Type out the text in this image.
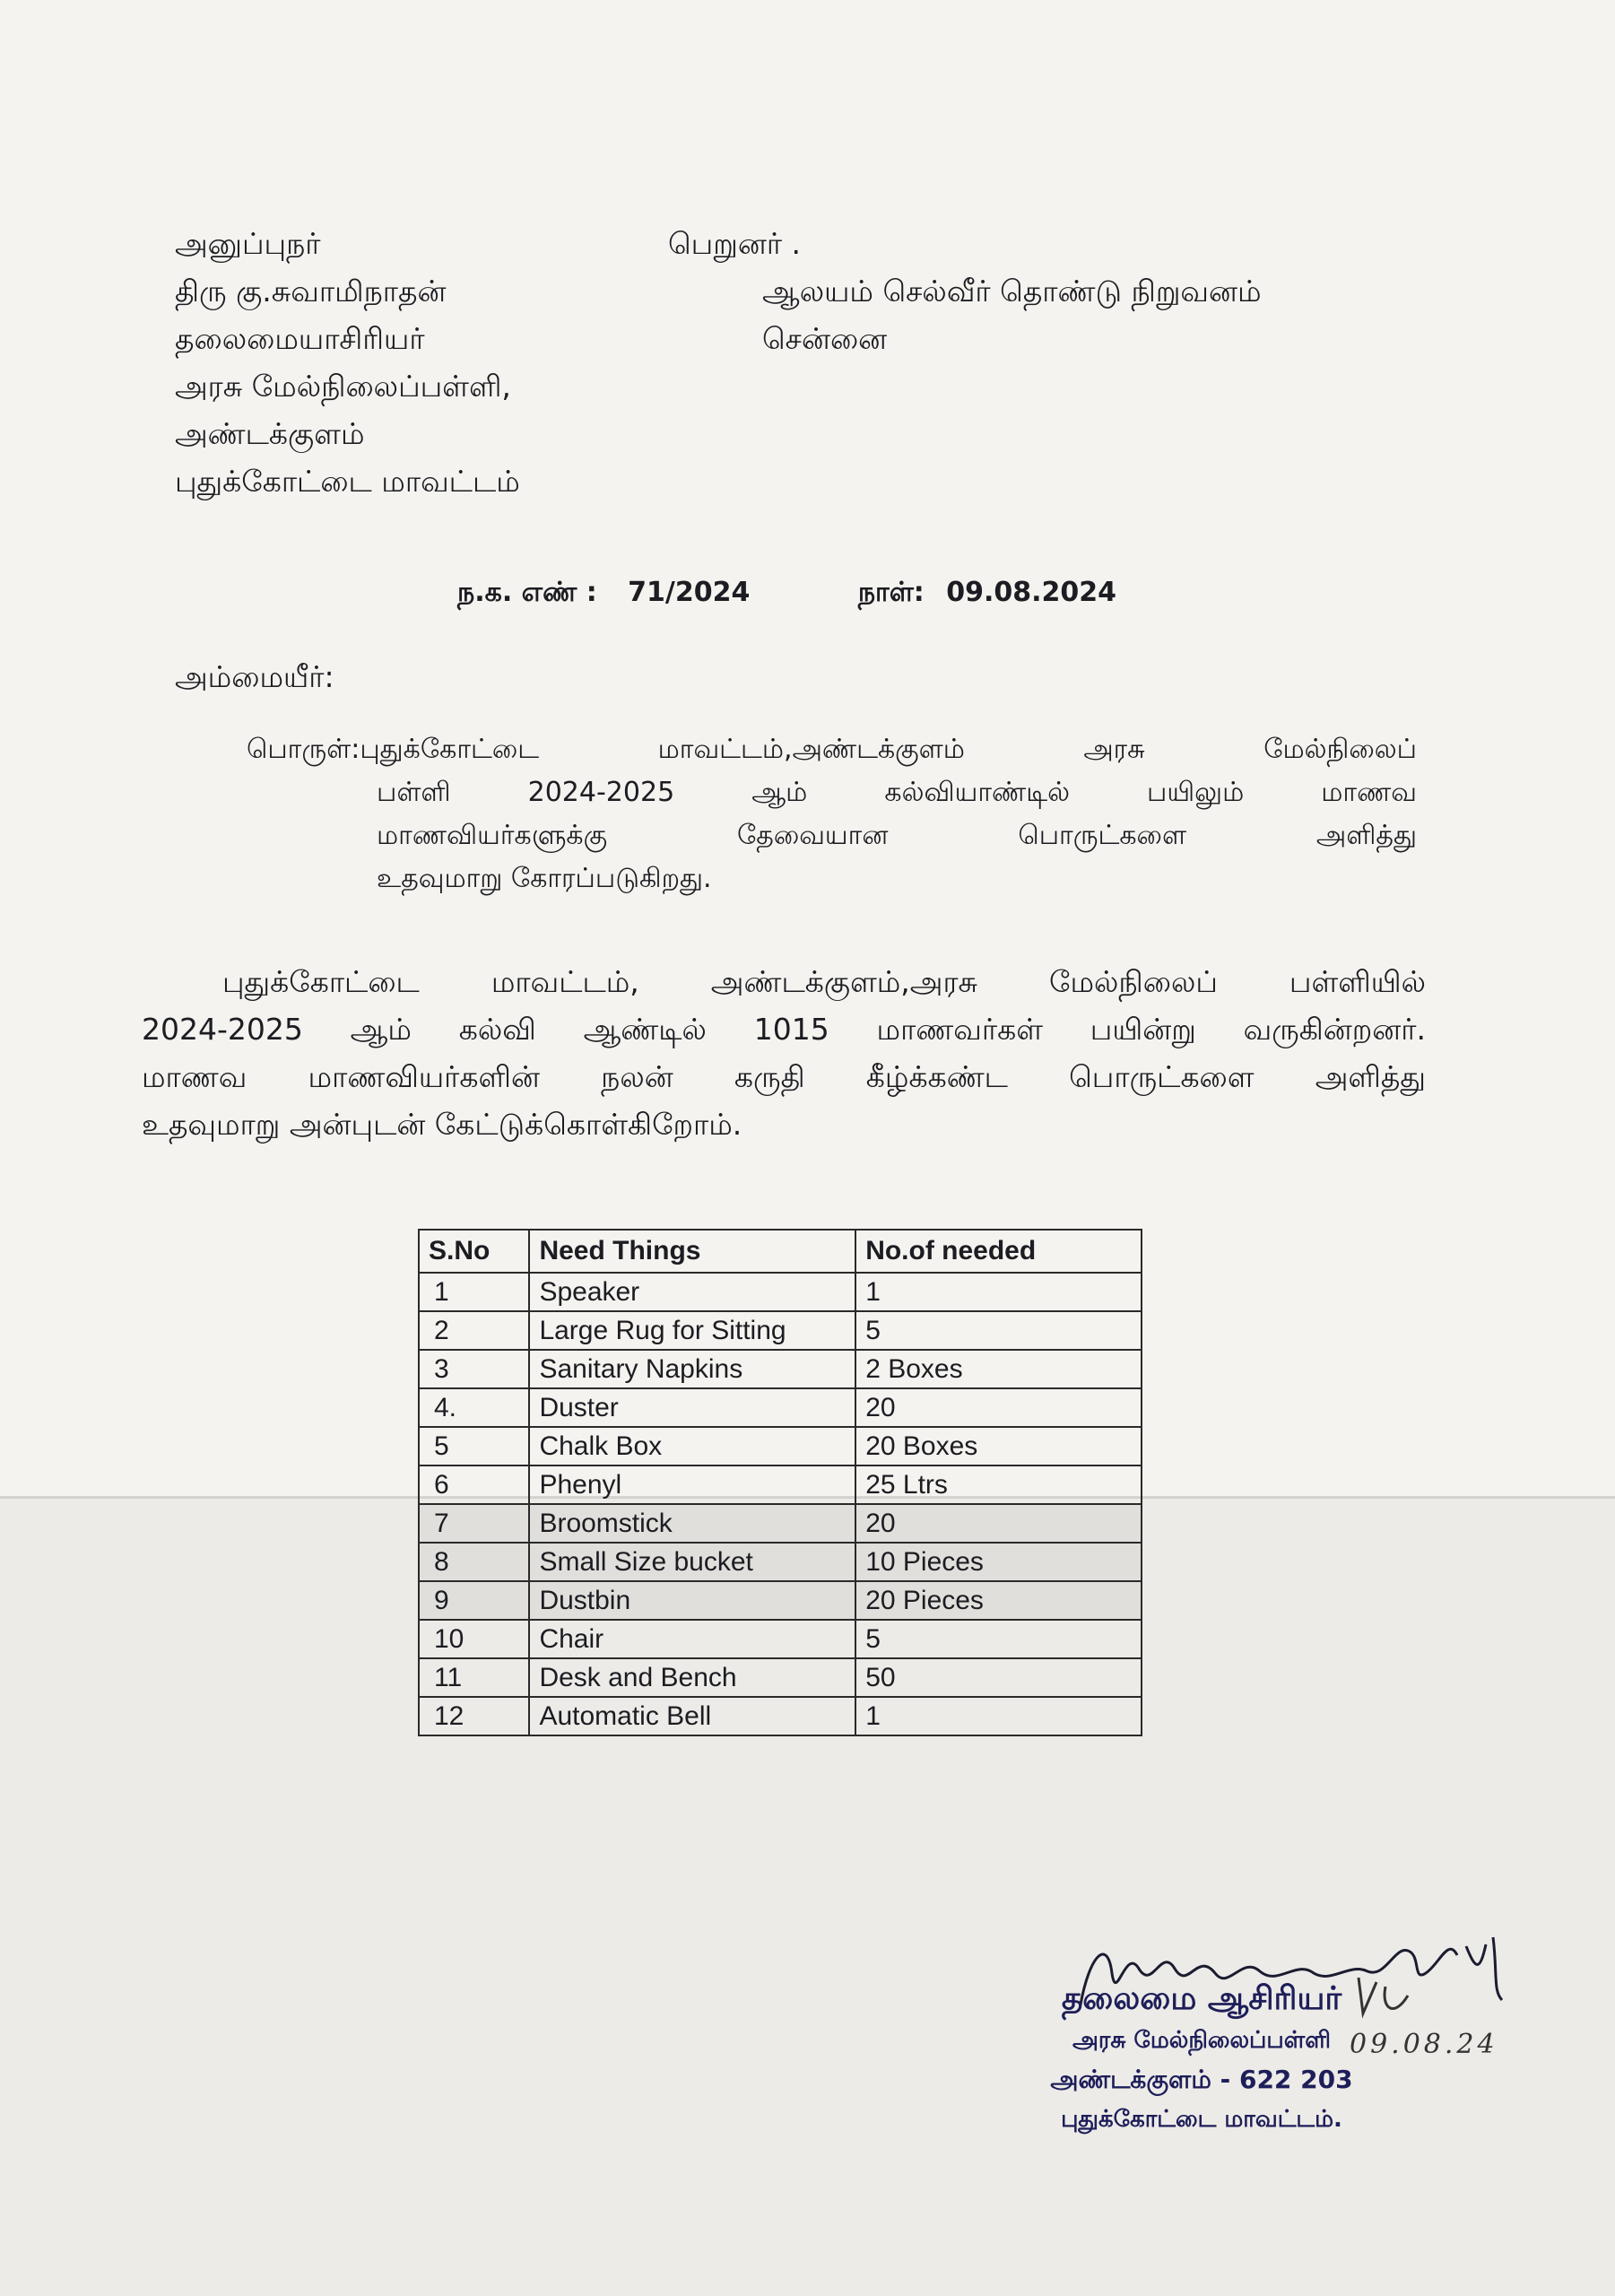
அனுப்புநர்
திரு கு.சுவாமிநாதன்
தலைமையாசிரியர்
அரசு மேல்நிலைப்பள்ளி,
அண்டக்குளம்
புதுக்கோட்டை மாவட்டம்
பெறுனர் .
ஆலயம் செல்வீர் தொண்டு நிறுவனம்
சென்னை
ந.க. எண் : 71/2024	நாள்: 09.08.2024
அம்மையீர்:
பொருள்:புதுக்கோட்டை மாவட்டம்,அண்டக்குளம் அரசு மேல்நிலைப்
பள்ளி 2024-2025 ஆம் கல்வியாண்டில் பயிலும் மாணவ
மாணவியர்களுக்கு தேவையான பொருட்களை அளித்து
உதவுமாறு கோரப்படுகிறது.
புதுக்கோட்டை மாவட்டம், அண்டக்குளம்,அரசு மேல்நிலைப் பள்ளியில்
2024-2025 ஆம் கல்வி ஆண்டில் 1015 மாணவர்கள் பயின்று வருகின்றனர்.
மாணவ மாணவியர்களின் நலன் கருதி கீழ்க்கண்ட பொருட்களை அளித்து
உதவுமாறு அன்புடன் கேட்டுக்கொள்கிறோம்.
S.No	Need Things	No.of needed
1	Speaker	1
2	Large Rug for Sitting	5
3	Sanitary Napkins	2 Boxes
4.	Duster	20
5	Chalk Box	20 Boxes
6	Phenyl	25 Ltrs
7	Broomstick	20
8	Small Size bucket	10 Pieces
9	Dustbin	20 Pieces
10	Chair	5
11	Desk and Bench	50
12	Automatic Bell	1
தலைமை ஆசிரியர்
அரசு மேல்நிலைப்பள்ளி
அண்டக்குளம் - 622 203
புதுக்கோட்டை மாவட்டம்.
09.08.24
